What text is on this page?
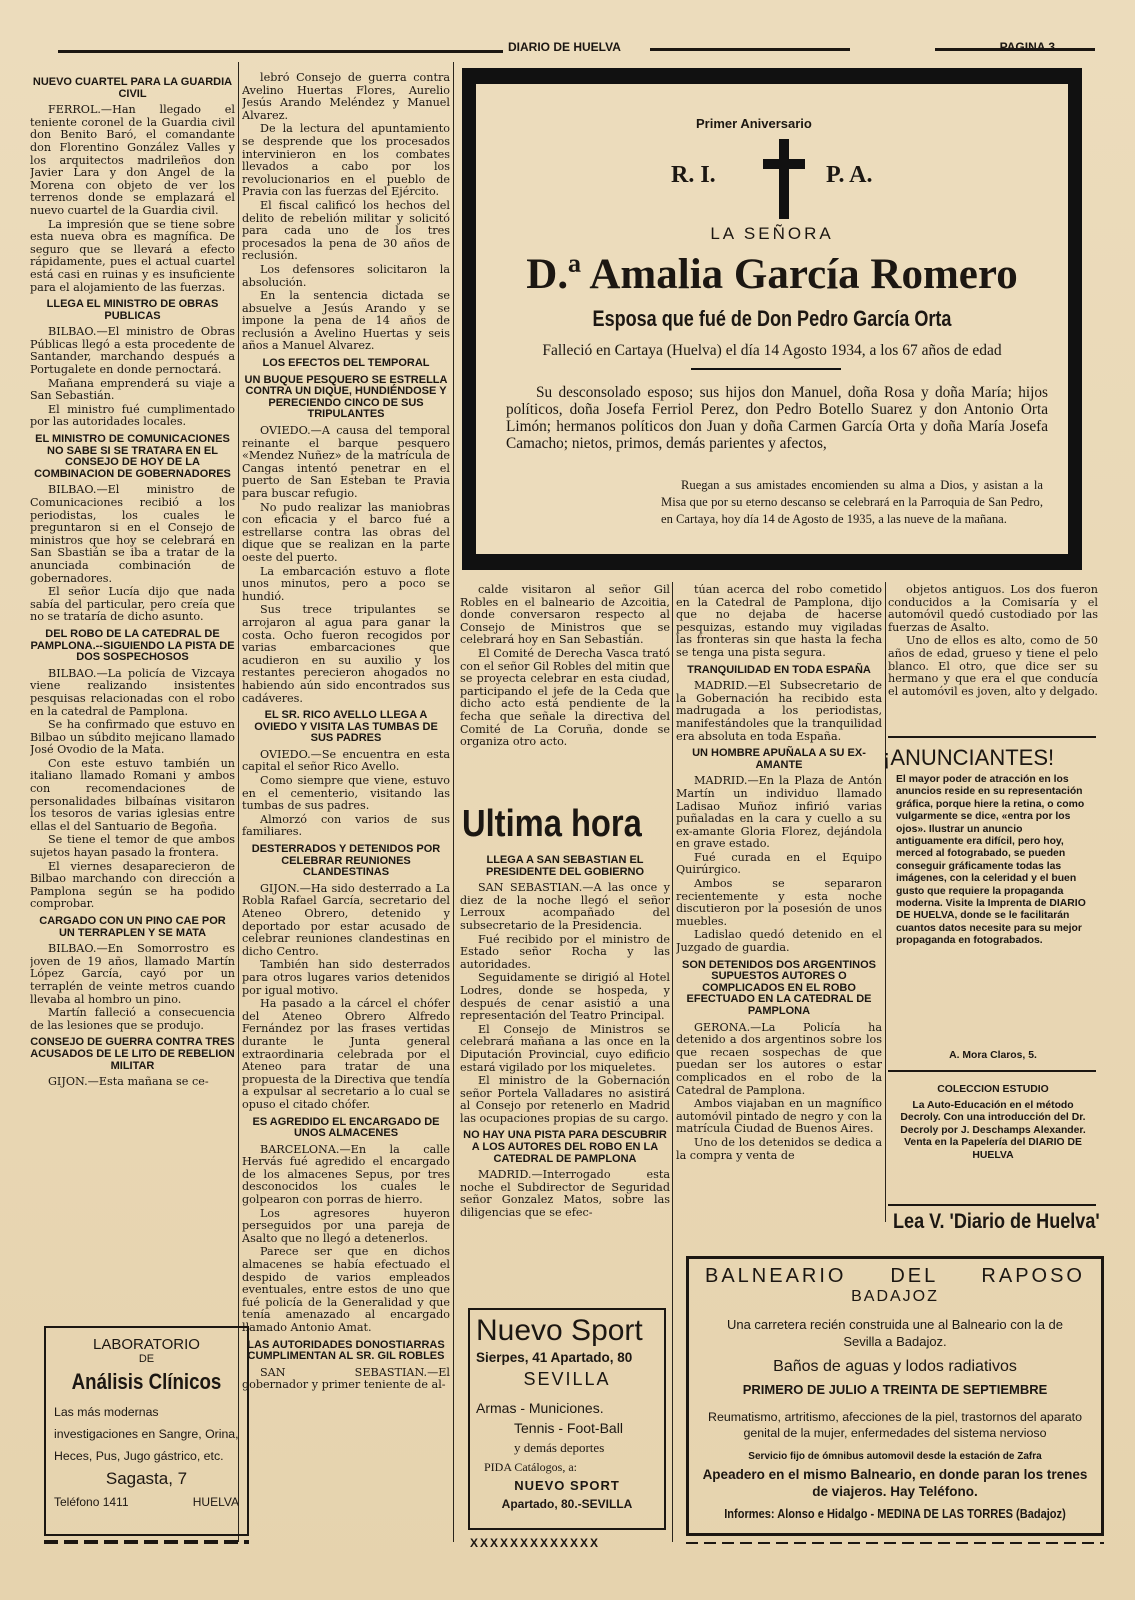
DIARIO DE HUELVA	PAGINA 3
NUEVO CUARTEL PARA LA GUARDIA CIVIL

FERROL.—Han llegado el teniente coronel de la Guardia civil don Benito Baró, el comandante don Florentino González Valles y los arquitectos madrileños don Javier Lara y don Angel de la Morena con objeto de ver los terrenos donde se emplazará el nuevo cuartel de la Guardia civil.

La impresión que se tiene sobre esta nueva obra es magnífica. De seguro que se llevará a efecto rápidamente, pues el actual cuartel está casi en ruinas y es insuficiente para el alojamiento de las fuerzas.

LLEGA EL MINISTRO DE OBRAS PUBLICAS

BILBAO.—El ministro de Obras Públicas llegó a esta procedente de Santander, marchando después a Portugalete en donde pernoctará.

Mañana emprenderá su viaje a San Sebastián.

El ministro fué cumplimentado por las autoridades locales.

EL MINISTRO DE COMUNICACIONES NO SABE SI SE TRATARA EN EL CONSEJO DE HOY DE LA COMBINACION DE GOBERNADORES

BILBAO.—El ministro de Comunicaciones recibió a los periodistas, los cuales le preguntaron si en el Consejo de ministros que hoy se celebrará en San Sbastián se iba a tratar de la anunciada combinación de gobernadores.

El señor Lucía dijo que nada sabía del particular, pero creía que no se trataría de dicho asunto.

DEL ROBO DE LA CATEDRAL DE PAMPLONA.--SIGUIENDO LA PISTA DE DOS SOSPECHOSOS

BILBAO.—La policía de Vizcaya viene realizando insistentes pesquisas relacionadas con el robo en la catedral de Pamplona.

Se ha confirmado que estuvo en Bilbao un súbdito mejicano llamado José Ovodio de la Mata.

Con este estuvo también un italiano llamado Romani y ambos con recomendaciones de personalidades bilbaínas visitaron los tesoros de varias iglesias entre ellas el del Santuario de Begoña.

Se tiene el temor de que ambos sujetos hayan pasado la frontera.

El viernes desaparecieron de Bilbao marchando con dirección a Pamplona según se ha podido comprobar.

CARGADO CON UN PINO CAE POR UN TERRAPLEN Y SE MATA

BILBAO.—En Somorrostro es joven de 19 años, llamado Martín López García, cayó por un terraplén de veinte metros cuando llevaba al hombro un pino.

Martín falleció a consecuencia de las lesiones que se produjo.

CONSEJO DE GUERRA CONTRA TRES ACUSADOS DE LE LITO DE REBELION MILITAR

GIJON.—Esta mañana se ce-

LABORATORIO
DE
Análisis Clínicos
Las más modernas investigaciones en Sangre, Orina, Heces, Pus, Jugo gástrico, etc.
Sagasta, 7
Teléfono 1411	HUELVA

lebró Consejo de guerra contra Avelino Huertas Flores, Aurelio Jesús Arando Meléndez y Manuel Alvarez.

De la lectura del apuntamiento se desprende que los procesados intervinieron en los combates llevados a cabo por los revolucionarios en el pueblo de Pravia con las fuerzas del Ejército.

El fiscal calificó los hechos del delito de rebelión militar y solicitó para cada uno de los tres procesados la pena de 30 años de reclusión.

Los defensores solicitaron la absolución.

En la sentencia dictada se absuelve a Jesús Arando y se impone la pena de 14 años de reclusión a Avelino Huertas y seis años a Manuel Alvarez.

LOS EFECTOS DEL TEMPORAL
UN BUQUE PESQUERO SE ESTRELLA CONTRA UN DIQUE, HUNDIÉNDOSE Y PERECIENDO CINCO DE SUS TRIPULANTES

OVIEDO.—A causa del temporal reinante el barque pesquero «Mendez Nuñez» de la matrícula de Cangas intentó penetrar en el puerto de San Esteban te Pravia para buscar refugio.

No pudo realizar las maniobras con eficacia y el barco fué a estrellarse contra las obras del dique que se realizan en la parte oeste del puerto.

La embarcación estuvo a flote unos minutos, pero a poco se hundió.

Sus trece tripulantes se arrojaron al agua para ganar la costa. Ocho fueron recogidos por varias embarcaciones que acudieron en su auxilio y los restantes perecieron ahogados no habiendo aún sido encontrados sus cadáveres.

EL SR. RICO AVELLO LLEGA A OVIEDO Y VISITA LAS TUMBAS DE SUS PADRES

OVIEDO.—Se encuentra en esta capital el señor Rico Avello.

Como siempre que viene, estuvo en el cementerio, visitando las tumbas de sus padres.

Almorzó con varios de sus familiares.

DESTERRADOS Y DETENIDOS POR CELEBRAR REUNIONES CLANDESTINAS

GIJON.—Ha sido desterrado a La Robla Rafael García, secretario del Ateneo Obrero, detenido y deportado por estar acusado de celebrar reuniones clandestinas en dicho Centro.

También han sido desterrados para otros lugares varios detenidos por igual motivo.

Ha pasado a la cárcel el chófer del Ateneo Obrero Alfredo Fernández por las frases vertidas durante le Junta general extraordinaria celebrada por el Ateneo para tratar de una propuesta de la Directiva que tendía a expulsar al secretario a lo cual se opuso el citado chófer.

ES AGREDIDO EL ENCARGADO DE UNOS ALMACENES

BARCELONA.—En la calle Hervás fué agredido el encargado de los almacenes Sepus, por tres desconocidos los cuales le golpearon con porras de hierro.

Los agresores huyeron perseguidos por una pareja de Asalto que no llegó a detenerlos.

Parece ser que en dichos almacenes se había efectuado el despido de varios empleados eventuales, entre estos de uno que fué policía de la Generalidad y que tenía amenazado al encargado llamado Antonio Amat.

LAS AUTORIDADES DONOSTIARRAS CUMPLIMENTAN AL SR. GIL ROBLES

SAN SEBASTIAN.—El gobernador y primer teniente de al-

Primer Aniversario
R. I.	P. A.
LA SEÑORA
D.ª Amalia García Romero
Esposa que fué de Don Pedro García Orta
Falleció en Cartaya (Huelva) el día 14 Agosto 1934, a los 67 años de edad
Su desconsolado esposo; sus hijos don Manuel, doña Rosa y doña María; hijos políticos, doña Josefa Ferriol Perez, don Pedro Botello Suarez y don Antonio Orta Limón; hermanos políticos don Juan y doña Carmen García Orta y doña María Josefa Camacho; nietos, primos, demás parientes y afectos,
Ruegan a sus amistades encomienden su alma a Dios, y asistan a la Misa que por su eterno descanso se celebrará en la Parroquia de San Pedro, en Cartaya, hoy día 14 de Agosto de 1935, a las nueve de la mañana.

calde visitaron al señor Gil Robles en el balneario de Azcoitia, donde conversaron respecto al Consejo de Ministros que se celebrará hoy en San Sebastián.

El Comité de Derecha Vasca trató con el señor Gil Robles del mitin que se proyecta celebrar en esta ciudad, participando el jefe de la Ceda que dicho acto está pendiente de la fecha que señale la directiva del Comité de La Coruña, donde se organiza otro acto.

Ultima hora
LLEGA A SAN SEBASTIAN EL PRESIDENTE DEL GOBIERNO

SAN SEBASTIAN.—A las once y diez de la noche llegó el señor Lerroux acompañado del subsecretario de la Presidencia.

Fué recibido por el ministro de Estado señor Rocha y las autoridades.

Seguidamente se dirigió al Hotel Lodres, donde se hospeda, y después de cenar asistió a una representación del Teatro Principal.

El Consejo de Ministros se celebrará mañana a las once en la Diputación Provincial, cuyo edificio estará vigilado por los miqueletes.

El ministro de la Gobernación señor Portela Valladares no asistirá al Consejo por retenerlo en Madrid las ocupaciones propias de su cargo.

NO HAY UNA PISTA PARA DESCUBRIR A LOS AUTORES DEL ROBO EN LA CATEDRAL DE PAMPLONA

MADRID.—Interrogado esta noche el Subdirector de Seguridad señor Gonzalez Matos, sobre las diligencias que se efec-

Nuevo Sport
Sierpes, 41 Apartado, 80
SEVILLA
Armas - Municiones.
Tennis - Foot-Ball
y demás deportes
PIDA Catálogos, a:
NUEVO SPORT
Apartado, 80.-SEVILLA
XXXXXXXXXXXXX

túan acerca del robo cometido en la Catedral de Pamplona, dijo que no dejaba de hacerse pesquizas, estando muy vigiladas las fronteras sin que hasta la fecha se tenga una pista segura.

TRANQUILIDAD EN TODA ESPAÑA

MADRID.—El Subsecretario de la Gobernación ha recibido esta madrugada a los periodistas, manifestándoles que la tranquilidad era absoluta en toda España.

UN HOMBRE APUÑALA A SU EX-AMANTE

MADRID.—En la Plaza de Antón Martín un individuo llamado Ladisao Muñoz infirió varias puñaladas en la cara y cuello a su ex-amante Gloria Florez, dejándola en grave estado.

Fué curada en el Equipo Quirúrgico.

Ambos se separaron recientemente y esta noche discutieron por la posesión de unos muebles.

Ladislao quedó detenido en el Juzgado de guardia.

SON DETENIDOS DOS ARGENTINOS SUPUESTOS AUTORES O COMPLICADOS EN EL ROBO EFECTUADO EN LA CATEDRAL DE PAMPLONA

GERONA.—La Policía ha detenido a dos argentinos sobre los que recaen sospechas de que puedan ser los autores o estar complicados en el robo de la Catedral de Pamplona.

Ambos viajaban en un magnífico automóvil pintado de negro y con la matrícula Ciudad de Buenos Aires.

Uno de los detenidos se dedica a la compra y venta de

objetos antiguos. Los dos fueron conducidos a la Comisaría y el automóvil quedó custodiado por las fuerzas de Asalto.

Uno de ellos es alto, como de 50 años de edad, grueso y tiene el pelo blanco. El otro, que dice ser su hermano y que era el que conducía el automóvil es joven, alto y delgado.

¡ANUNCIANTES!
El mayor poder de atracción en los anuncios reside en su representación gráfica, porque hiere la retina, o como vulgarmente se dice, «entra por los ojos». Ilustrar un anuncio antiguamente era difícil, pero hoy, merced al fotograbado, se pueden conseguir gráficamente todas las imágenes, con la celeridad y el buen gusto que requiere la propaganda moderna. Visite la Imprenta de DIARIO DE HUELVA, donde se le facilitarán cuantos datos necesite para su mejor propaganda en fotograbados.
A. Mora Claros, 5.
COLECCION ESTUDIO
La Auto-Educación en el método Decroly. Con una introducción del Dr. Decroly por J. Deschamps Alexander. Venta en la Papelería del DIARIO DE HUELVA
Lea V. 'Diario de Huelva'
BALNEARIO DEL RAPOSO
BADAJOZ
Una carretera recién construida une al Balneario con la de Sevilla a Badajoz.
Baños de aguas y lodos radiativos
PRIMERO DE JULIO A TREINTA DE SEPTIEMBRE
Reumatismo, artritismo, afecciones de la piel, trastornos del aparato genital de la mujer, enfermedades del sistema nervioso
Servicio fijo de ómnibus automovil desde la estación de Zafra
Apeadero en el mismo Balneario, en donde paran los trenes de viajeros. Hay Teléfono.
Informes: Alonso e Hidalgo - MEDINA DE LAS TORRES (Badajoz)
